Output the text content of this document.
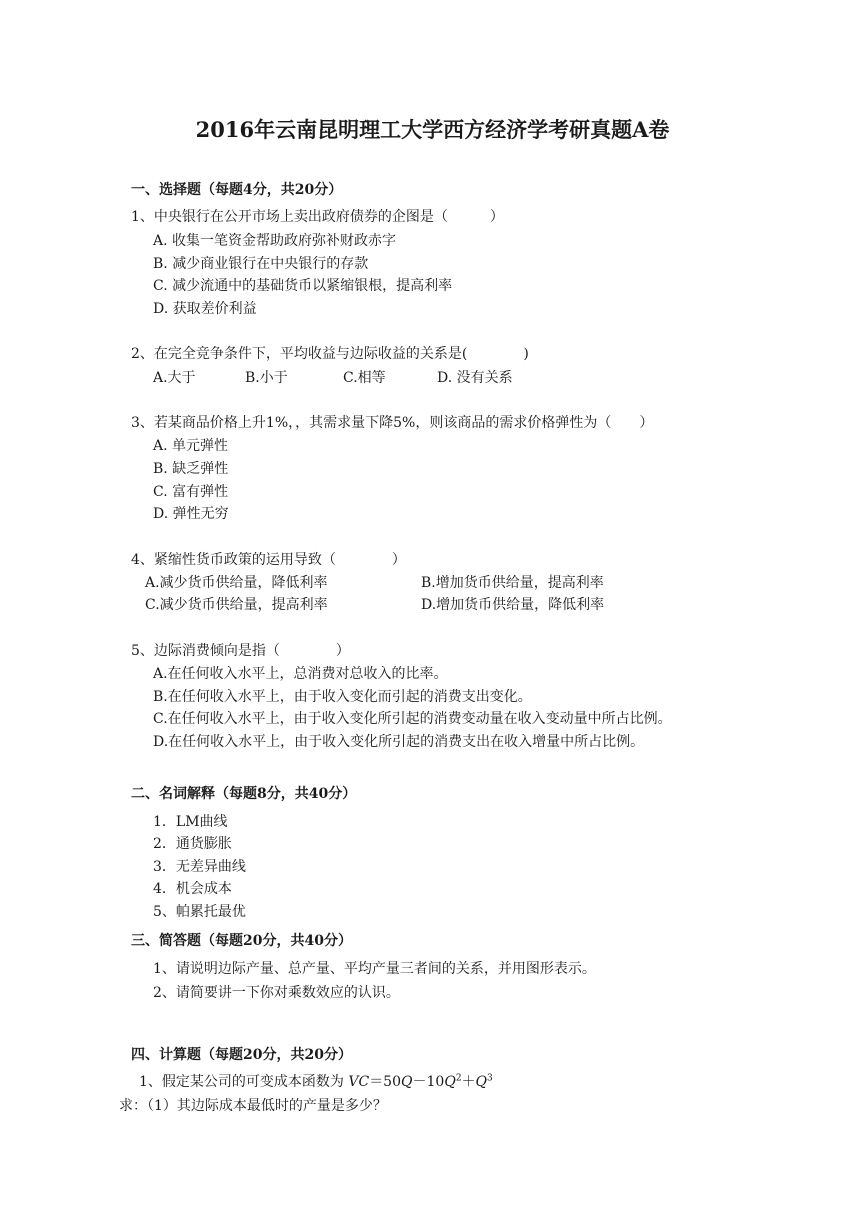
2016年云南昆明理工大学西方经济学考研真题A卷
一、选择题（每题4分，共20分）
1、中央银行在公开市场上卖出政府债券的企图是（　　　）
A. 收集一笔资金帮助政府弥补财政赤字
B. 减少商业银行在中央银行的存款
C. 减少流通中的基础货币以紧缩银根，提高利率
D. 获取差价利益
2、在完全竞争条件下，平均收益与边际收益的关系是(　　　　)
A.大于	B.小于	C.相等	D. 没有关系
3、若某商品价格上升1%，，其需求量下降5%，则该商品的需求价格弹性为（　　）
A. 单元弹性
B. 缺乏弹性
C. 富有弹性
D. 弹性无穷
4、紧缩性货币政策的运用导致（　　　　）
A.减少货币供给量，降低利率	B.增加货币供给量，提高利率
C.减少货币供给量，提高利率	D.增加货币供给量，降低利率
5、边际消费倾向是指（　　　　）
A.在任何收入水平上，总消费对总收入的比率。
B.在任何收入水平上，由于收入变化而引起的消费支出变化。
C.在任何收入水平上，由于收入变化所引起的消费变动量在收入变动量中所占比例。
D.在任何收入水平上，由于收入变化所引起的消费支出在收入增量中所占比例。
二、名词解释（每题8分，共40分）
1．LM曲线
2．通货膨胀
3．无差异曲线
4．机会成本
5、帕累托最优
三、简答题（每题20分，共40分）
1、请说明边际产量、总产量、平均产量三者间的关系，并用图形表示。
2、请简要讲一下你对乘数效应的认识。
四、计算题（每题20分，共20分）
1、假定某公司的可变成本函数为 $VC=50Q-10Q^2+Q^3$
求：（1）其边际成本最低时的产量是多少？
